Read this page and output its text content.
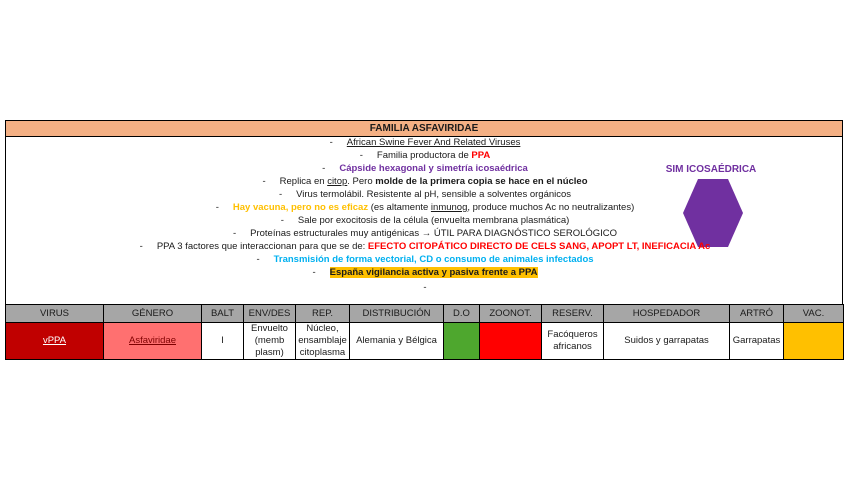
FAMILIA ASFAVIRIDAE
SIM ICOSAÉDRICA
- African Swine Fever And Related Viruses
- Familia productora de PPA
- Cápside hexagonal y simetría icosaédrica
- Replica en citop. Pero molde de la primera copia se hace en el núcleo
- Virus termolábil. Resistente al pH, sensible a solventes orgánicos
- Hay vacuna, pero no es eficaz (es altamente inmunog, produce muchos Ac no neutralizantes)
- Sale por exocitosis de la célula (envuelta membrana plasmática)
- Proteínas estructurales muy antigénicas → ÚTIL PARA DIAGNÓSTICO SEROLÓGICO
- PPA 3 factores que interaccionan para que se de: EFECTO CITOPÁTICO DIRECTO DE CELS SANG, APOPT LT, INEFICACIA Ac
- Transmisión de forma vectorial, CD o consumo de animales infectados
- España vigilancia activa y pasiva frente a PPA
-
VIRUS	GÉNERO	BALT	ENV/DES	REP.	DISTRIBUCIÓN	D.O	ZOONOT.	RESERV.	HOSPEDADOR	ARTRÓ	VAC.
vPPA	Asfaviridae	I	Envuelto (memb plasm)	Núcleo, ensamblaje citoplasma	Alemania y Bélgica			Facóqueros africanos	Suidos y garrapatas	Garrapatas	
